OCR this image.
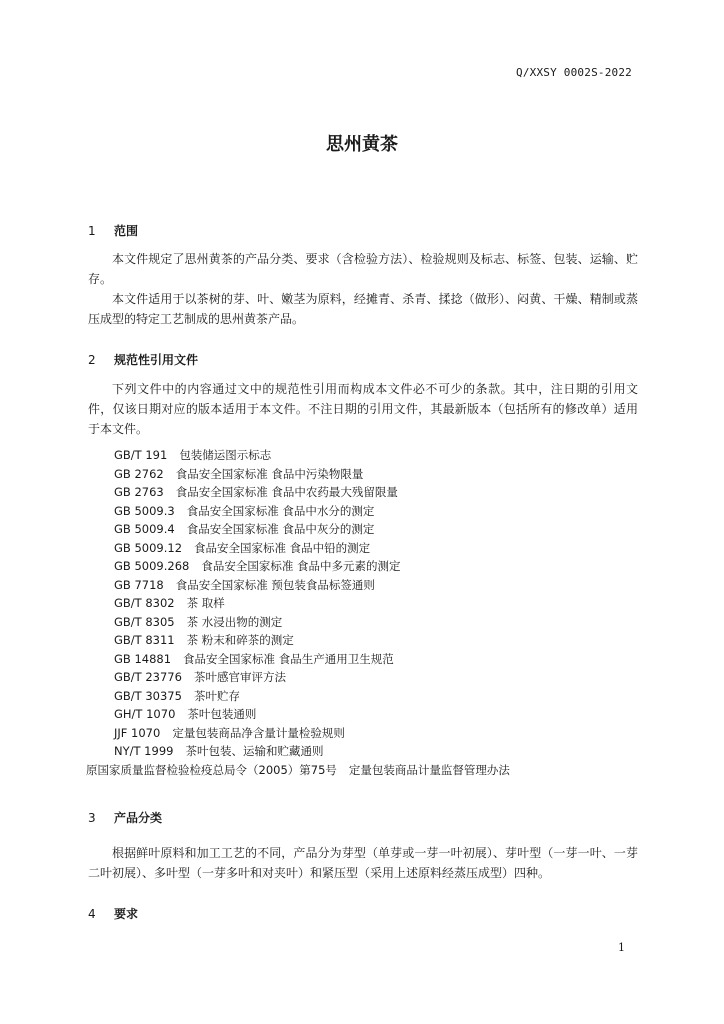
Q/XXSY 0002S-2022
思州黄茶
1 范围

本文件规定了思州黄茶的产品分类、要求（含检验方法）、检验规则及标志、标签、包装、运输、贮存。

本文件适用于以茶树的芽、叶、嫩茎为原料，经摊青、杀青、揉捻（做形）、闷黄、干燥、精制或蒸压成型的特定工艺制成的思州黄茶产品。

2 规范性引用文件

下列文件中的内容通过文中的规范性引用而构成本文件必不可少的条款。其中，注日期的引用文件，仅该日期对应的版本适用于本文件。不注日期的引用文件，其最新版本（包括所有的修改单）适用于本文件。

GB/T 191 包装储运图示标志
GB 2762 食品安全国家标准 食品中污染物限量
GB 2763 食品安全国家标准 食品中农药最大残留限量
GB 5009.3 食品安全国家标准 食品中水分的测定
GB 5009.4 食品安全国家标准 食品中灰分的测定
GB 5009.12 食品安全国家标准 食品中铅的测定
GB 5009.268 食品安全国家标准 食品中多元素的测定
GB 7718 食品安全国家标准 预包装食品标签通则
GB/T 8302 茶 取样
GB/T 8305 茶 水浸出物的测定
GB/T 8311 茶 粉末和碎茶的测定
GB 14881 食品安全国家标准 食品生产通用卫生规范
GB/T 23776 茶叶感官审评方法
GB/T 30375 茶叶贮存
GH/T 1070 茶叶包装通则
JJF 1070 定量包装商品净含量计量检验规则
NY/T 1999 茶叶包装、运输和贮藏通则
原国家质量监督检验检疫总局令（2005）第75号 定量包装商品计量监督管理办法
3 产品分类

根据鲜叶原料和加工工艺的不同，产品分为芽型（单芽或一芽一叶初展）、芽叶型（一芽一叶、一芽二叶初展）、多叶型（一芽多叶和对夹叶）和紧压型（采用上述原料经蒸压成型）四种。

4 要求
1
